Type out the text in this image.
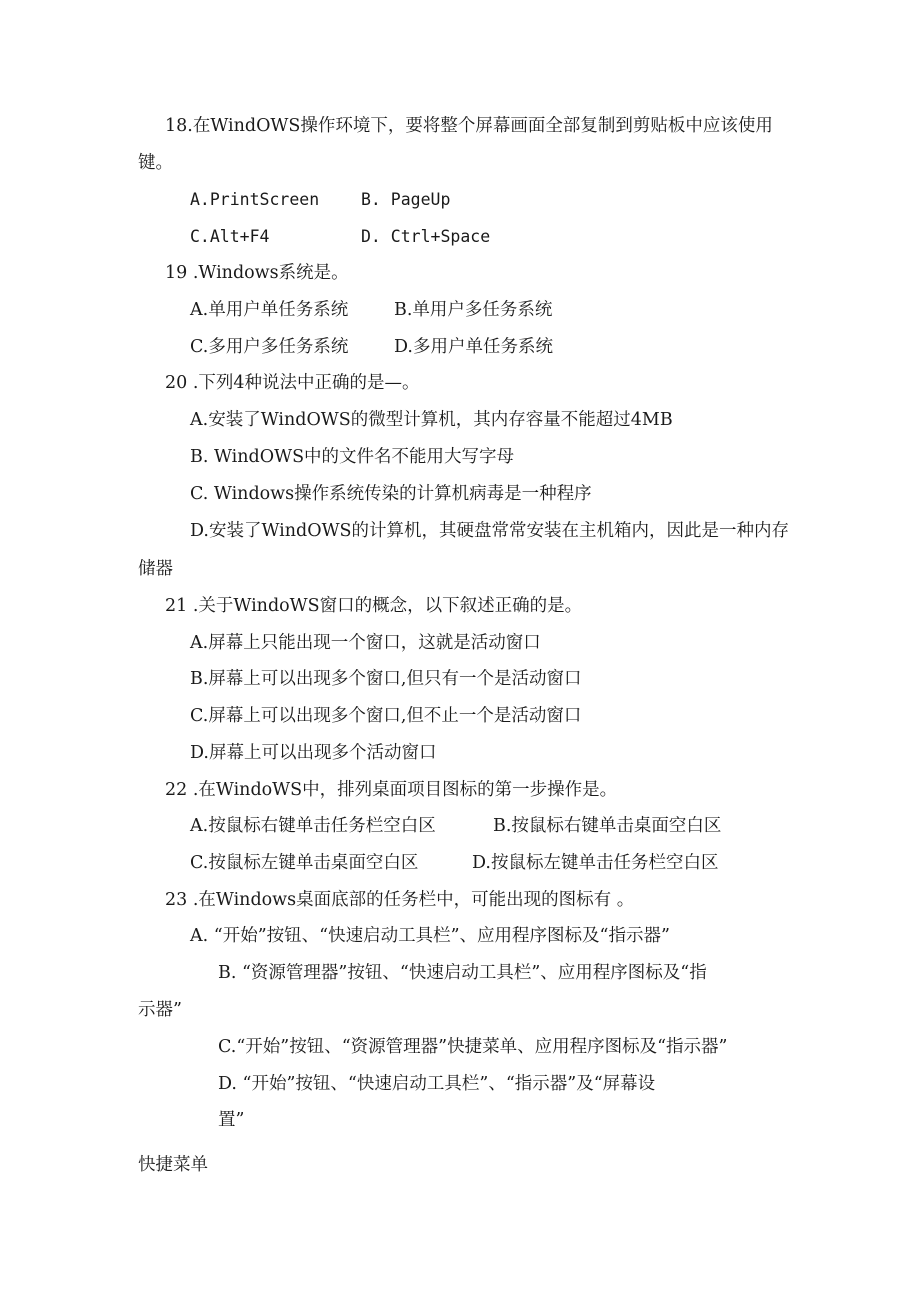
18.在WindOWS操作环境下，要将整个屏幕画面全部复制到剪贴板中应该使用
键。
A.PrintScreen	B. PageUp
C.Alt+F4	D. Ctrl+Space
19 .Windows系统是。
A.单用户单任务系统	B.单用户多任务系统
C.多用户多任务系统	D.多用户单任务系统
20 .下列4种说法中正确的是—。
A.安装了WindOWS的微型计算机，其内存容量不能超过4MB
B. WindOWS中的文件名不能用大写字母
C. Windows操作系统传染的计算机病毒是一种程序
D.安装了WindOWS的计算机，其硬盘常常安装在主机箱内，因此是一种内存
储器
21 .关于WindoWS窗口的概念，以下叙述正确的是。
A.屏幕上只能出现一个窗口，这就是活动窗口
B.屏幕上可以出现多个窗口,但只有一个是活动窗口
C.屏幕上可以出现多个窗口,但不止一个是活动窗口
D.屏幕上可以出现多个活动窗口
22 .在WindoWS中，排列桌面项目图标的第一步操作是。
A.按鼠标右键单击任务栏空白区	B.按鼠标右键单击桌面空白区
C.按鼠标左键单击桌面空白区	D.按鼠标左键单击任务栏空白区
23 .在Windows桌面底部的任务栏中，可能出现的图标有 。
A. “开始”按钮、“快速启动工具栏”、应用程序图标及“指示器”
B. “资源管理器”按钮、“快速启动工具栏”、应用程序图标及“指
示器”
C.“开始”按钮、“资源管理器”快捷菜单、应用程序图标及“指示器”
D. “开始”按钮、“快速启动工具栏”、“指示器”及“屏幕设
置”
快捷菜单
